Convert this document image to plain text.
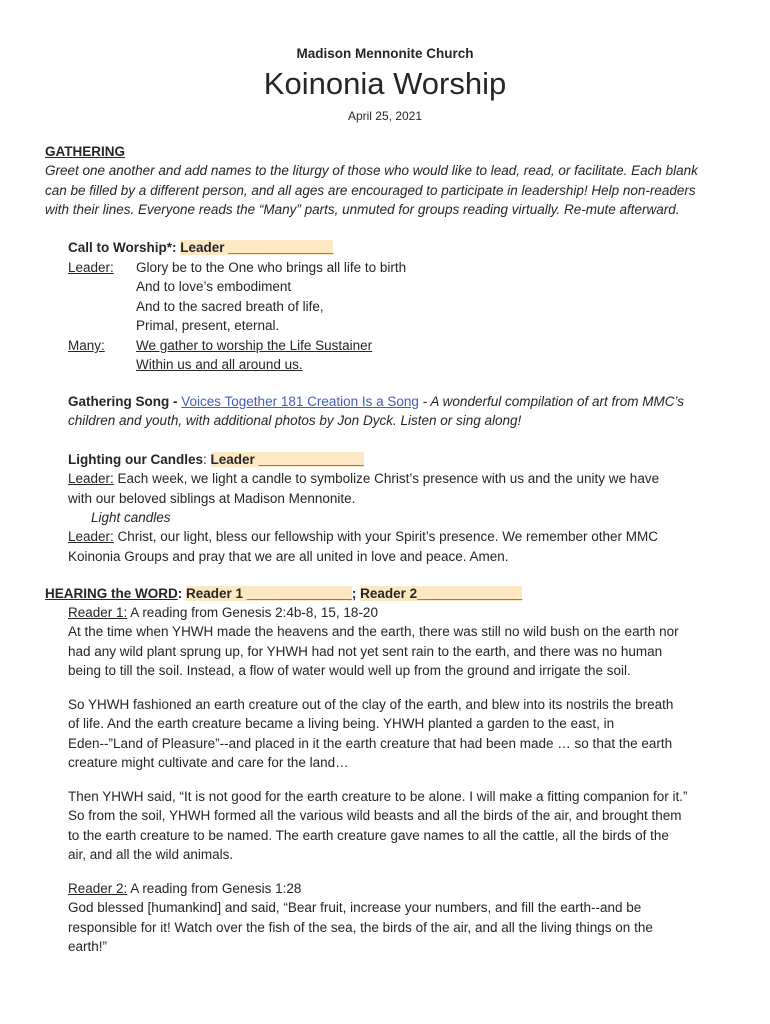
Madison Mennonite Church
Koinonia Worship
April 25, 2021
GATHERING
Greet one another and add names to the liturgy of those who would like to lead, read, or facilitate. Each blank
can be filled by a different person, and all ages are encouraged to participate in leadership! Help non-readers
with their lines. Everyone reads the “Many” parts, unmuted for groups reading virtually. Re-mute afterward.
Call to Worship*: Leader ______________
Leader: Glory be to the One who brings all life to birth
And to love’s embodiment
And to the sacred breath of life,
Primal, present, eternal.
Many: We gather to worship the Life Sustainer
Within us and all around us.
Gathering Song - Voices Together 181 Creation Is a Song - A wonderful compilation of art from MMC’s
children and youth, with additional photos by Jon Dyck. Listen or sing along!
Lighting our Candles: Leader ______________
Leader: Each week, we light a candle to symbolize Christ’s presence with us and the unity we have
with our beloved siblings at Madison Mennonite.
Light candles
Leader: Christ, our light, bless our fellowship with your Spirit’s presence. We remember other MMC
Koinonia Groups and pray that we are all united in love and peace. Amen.
HEARING the WORD: Reader 1 ______________; Reader 2______________
Reader 1: A reading from Genesis 2:4b-8, 15, 18-20
At the time when YHWH made the heavens and the earth, there was still no wild bush on the earth nor
had any wild plant sprung up, for YHWH had not yet sent rain to the earth, and there was no human
being to till the soil. Instead, a flow of water would well up from the ground and irrigate the soil.
So YHWH fashioned an earth creature out of the clay of the earth, and blew into its nostrils the breath
of life. And the earth creature became a living being. YHWH planted a garden to the east, in
Eden--”Land of Pleasure”--and placed in it the earth creature that had been made … so that the earth
creature might cultivate and care for the land…
Then YHWH said, “It is not good for the earth creature to be alone. I will make a fitting companion for it.”
So from the soil, YHWH formed all the various wild beasts and all the birds of the air, and brought them
to the earth creature to be named. The earth creature gave names to all the cattle, all the birds of the
air, and all the wild animals.
Reader 2: A reading from Genesis 1:28
God blessed [humankind] and said, “Bear fruit, increase your numbers, and fill the earth--and be
responsible for it! Watch over the fish of the sea, the birds of the air, and all the living things on the
earth!”
